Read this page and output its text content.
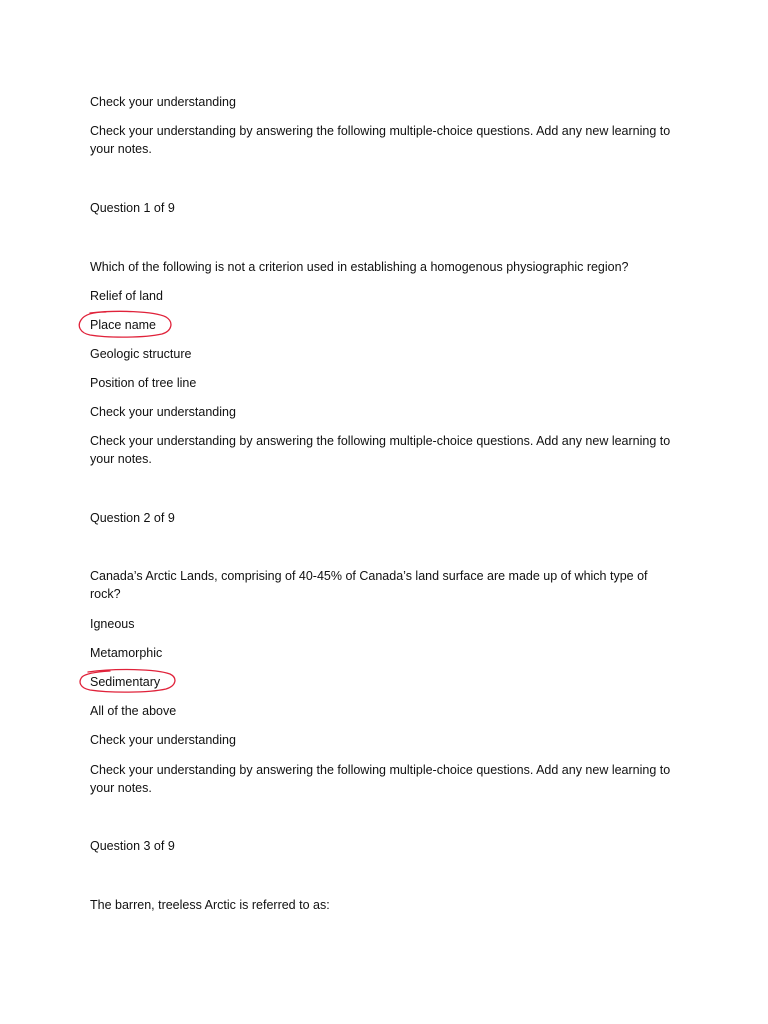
Check your understanding
Check your understanding by answering the following multiple-choice questions. Add any new learning to your notes.
Question 1 of 9
Which of the following is not a criterion used in establishing a homogenous physiographic region?
Relief of land
Place name
Geologic structure
Position of tree line
Check your understanding
Check your understanding by answering the following multiple-choice questions. Add any new learning to your notes.
Question 2 of 9
Canada’s Arctic Lands, comprising of 40-45% of Canada’s land surface are made up of which type of rock?
Igneous
Metamorphic
Sedimentary
All of the above
Check your understanding
Check your understanding by answering the following multiple-choice questions. Add any new learning to your notes.
Question 3 of 9
The barren, treeless Arctic is referred to as:
